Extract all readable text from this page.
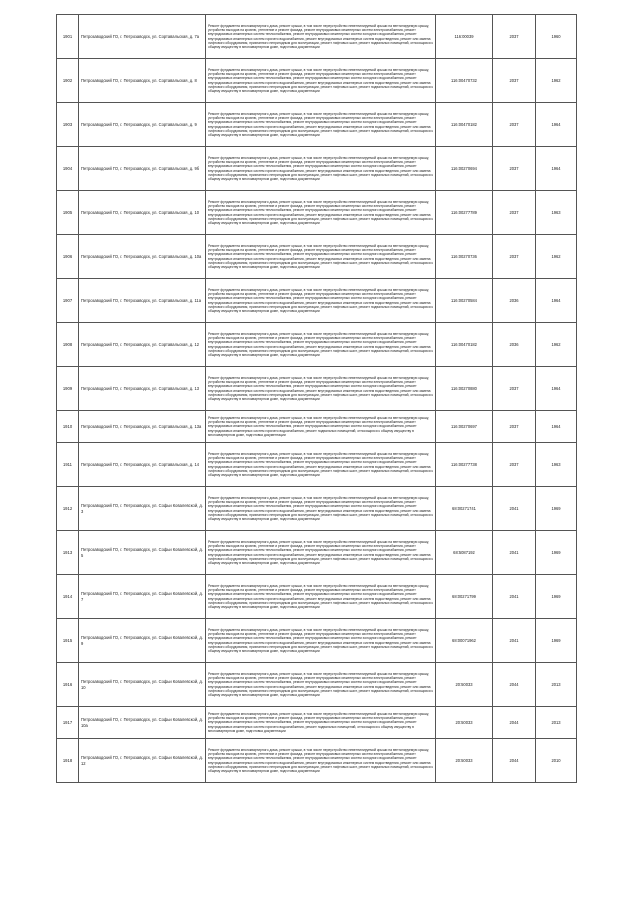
1901	Петрозаводский ГО, г. Петрозаводск, ул. Сортавальская, д. 7а	Ремонт фундамента многоквартирного дома, ремонт крыши, в том числе переустройство невентилируемой крыши на вентилируемую крышу, устройство выходов на кровлю, утепление и ремонт фасада, ремонт внутридомовых инженерных систем электроснабжения, ремонт внутридомовых инженерных систем теплоснабжения, ремонт внутридомовых инженерных систем холодного водоснабжения, ремонт внутридомовых инженерных систем горячего водоснабжения, ремонт внутридомовых инженерных систем водоотведения, ремонт или замена лифтового оборудования, признанного непригодным для эксплуатации, ремонт лифтовых шахт, ремонт подвальных помещений, относящихся к общему имуществу в многоквартирном доме, подготовка документации	116:00039	2037	1960
1902	Петрозаводский ГО, г. Петрозаводск, ул. Сортавальская, д. 8	Ремонт фундамента многоквартирного дома, ремонт крыши, в том числе переустройство невентилируемой крыши на вентилируемую крышу, устройство выходов на кровлю, утепление и ремонт фасада, ремонт внутридомовых инженерных систем электроснабжения, ремонт внутридомовых инженерных систем теплоснабжения, ремонт внутридомовых инженерных систем холодного водоснабжения, ремонт внутридомовых инженерных систем горячего водоснабжения, ремонт внутридомовых инженерных систем водоотведения, ремонт или замена лифтового оборудования, признанного непригодным для эксплуатации, ремонт лифтовых шахт, ремонт подвальных помещений, относящихся к общему имуществу в многоквартирном доме, подготовка документации	116:00470732	2037	1962
1903	Петрозаводский ГО, г. Петрозаводск, ул. Сортавальская, д. 9	Ремонт фундамента многоквартирного дома, ремонт крыши, в том числе переустройство невентилируемой крыши на вентилируемую крышу, устройство выходов на кровлю, утепление и ремонт фасада, ремонт внутридомовых инженерных систем электроснабжения, ремонт внутридомовых инженерных систем теплоснабжения, ремонт внутридомовых инженерных систем холодного водоснабжения, ремонт внутридомовых инженерных систем горячего водоснабжения, ремонт внутридомовых инженерных систем водоотведения, ремонт или замена лифтового оборудования, признанного непригодным для эксплуатации, ремонт лифтовых шахт, ремонт подвальных помещений, относящихся к общему имуществу в многоквартирном доме, подготовка документации	116:00470182	2037	1964
1904	Петрозаводский ГО, г. Петрозаводск, ул. Сортавальская, д. 9б	Ремонт фундамента многоквартирного дома, ремонт крыши, в том числе переустройство невентилируемой крыши на вентилируемую крышу, устройство выходов на кровлю, утепление и ремонт фасада, ремонт внутридомовых инженерных систем электроснабжения, ремонт внутридомовых инженерных систем теплоснабжения, ремонт внутридомовых инженерных систем холодного водоснабжения, ремонт внутридомовых инженерных систем горячего водоснабжения, ремонт внутридомовых инженерных систем водоотведения, ремонт или замена лифтового оборудования, признанного непригодным для эксплуатации, ремонт лифтовых шахт, ремонт подвальных помещений, относящихся к общему имуществу в многоквартирном доме, подготовка документации	116:00270694	2037	1964
1905	Петрозаводский ГО, г. Петрозаводск, ул. Сортавальская, д. 10	Ремонт фундамента многоквартирного дома, ремонт крыши, в том числе переустройство невентилируемой крыши на вентилируемую крышу, устройство выходов на кровлю, утепление и ремонт фасада, ремонт внутридомовых инженерных систем электроснабжения, ремонт внутридомовых инженерных систем теплоснабжения, ремонт внутридомовых инженерных систем холодного водоснабжения, ремонт внутридомовых инженерных систем горячего водоснабжения, ремонт внутридомовых инженерных систем водоотведения, ремонт или замена лифтового оборудования, признанного непригодным для эксплуатации, ремонт лифтовых шахт, ремонт подвальных помещений, относящихся к общему имуществу в многоквартирном доме, подготовка документации	116:00277789	2037	1963
1906	Петрозаводский ГО, г. Петрозаводск, ул. Сортавальская, д. 10а	Ремонт фундамента многоквартирного дома, ремонт крыши, в том числе переустройство невентилируемой крыши на вентилируемую крышу, устройство выходов на кровлю, утепление и ремонт фасада, ремонт внутридомовых инженерных систем электроснабжения, ремонт внутридомовых инженерных систем теплоснабжения, ремонт внутридомовых инженерных систем холодного водоснабжения, ремонт внутридомовых инженерных систем горячего водоснабжения, ремонт внутридомовых инженерных систем водоотведения, ремонт или замена лифтового оборудования, признанного непригодным для эксплуатации, ремонт лифтовых шахт, ремонт подвальных помещений, относящихся к общему имуществу в многоквартирном доме, подготовка документации	116:00270736	2037	1962
1907	Петрозаводский ГО, г. Петрозаводск, ул. Сортавальская, д. 11а	Ремонт фундамента многоквартирного дома, ремонт крыши, в том числе переустройство невентилируемой крыши на вентилируемую крышу, устройство выходов на кровлю, утепление и ремонт фасада, ремонт внутридомовых инженерных систем электроснабжения, ремонт внутридомовых инженерных систем теплоснабжения, ремонт внутридомовых инженерных систем холодного водоснабжения, ремонт внутридомовых инженерных систем горячего водоснабжения, ремонт внутридомовых инженерных систем водоотведения, ремонт или замена лифтового оборудования, признанного непригодным для эксплуатации, ремонт лифтовых шахт, ремонт подвальных помещений, относящихся к общему имуществу в многоквартирном доме, подготовка документации	116:00270584	2036	1964
1908	Петрозаводский ГО, г. Петрозаводск, ул. Сортавальская, д. 12	Ремонт фундамента многоквартирного дома, ремонт крыши, в том числе переустройство невентилируемой крыши на вентилируемую крышу, устройство выходов на кровлю, утепление и ремонт фасада, ремонт внутридомовых инженерных систем электроснабжения, ремонт внутридомовых инженерных систем теплоснабжения, ремонт внутридомовых инженерных систем холодного водоснабжения, ремонт внутридомовых инженерных систем горячего водоснабжения, ремонт внутридомовых инженерных систем водоотведения, ремонт или замена лифтового оборудования, признанного непригодным для эксплуатации, ремонт лифтовых шахт, ремонт подвальных помещений, относящихся к общему имуществу в многоквартирном доме, подготовка документации	116:00470182	2036	1962
1909	Петрозаводский ГО, г. Петрозаводск, ул. Сортавальская, д. 13	Ремонт фундамента многоквартирного дома, ремонт крыши, в том числе переустройство невентилируемой крыши на вентилируемую крышу, устройство выходов на кровлю, утепление и ремонт фасада, ремонт внутридомовых инженерных систем электроснабжения, ремонт внутридомовых инженерных систем теплоснабжения, ремонт внутридомовых инженерных систем холодного водоснабжения, ремонт внутридомовых инженерных систем горячего водоснабжения, ремонт внутридомовых инженерных систем водоотведения, ремонт или замена лифтового оборудования, признанного непригодным для эксплуатации, ремонт лифтовых шахт, ремонт подвальных помещений, относящихся к общему имуществу в многоквартирном доме, подготовка документации	116:00270880	2037	1964
1910	Петрозаводский ГО, г. Петрозаводск, ул. Сортавальская, д. 13а	Ремонт фундамента многоквартирного дома, ремонт крыши, в том числе переустройство невентилируемой крыши на вентилируемую крышу, устройство выходов на кровлю, утепление и ремонт фасада, ремонт внутридомовых инженерных систем электроснабжения, ремонт внутридомовых инженерных систем теплоснабжения, ремонт внутридомовых инженерных систем холодного водоснабжения, ремонт внутридомовых инженерных систем горячего водоснабжения, ремонт подвальных помещений, относящихся к общему имуществу в многоквартирном доме, подготовка документации	116:00270697	2037	1964
1911	Петрозаводский ГО, г. Петрозаводск, ул. Сортавальская, д. 14	Ремонт фундамента многоквартирного дома, ремонт крыши, в том числе переустройство невентилируемой крыши на вентилируемую крышу, устройство выходов на кровлю, утепление и ремонт фасада, ремонт внутридомовых инженерных систем электроснабжения, ремонт внутридомовых инженерных систем теплоснабжения, ремонт внутридомовых инженерных систем холодного водоснабжения, ремонт внутридомовых инженерных систем горячего водоснабжения, ремонт внутридомовых инженерных систем водоотведения, ремонт или замена лифтового оборудования, признанного непригодным для эксплуатации, ремонт лифтовых шахт, ремонт подвальных помещений, относящихся к общему имуществу в многоквартирном доме, подготовка документации	116:00277738	2037	1963
1912	Петрозаводский ГО, г. Петрозаводск, ул. Софьи Ковалевской, д. 3	Ремонт фундамента многоквартирного дома, ремонт крыши, в том числе переустройство невентилируемой крыши на вентилируемую крышу, устройство выходов на кровлю, утепление и ремонт фасада, ремонт внутридомовых инженерных систем электроснабжения, ремонт внутридомовых инженерных систем теплоснабжения, ремонт внутридомовых инженерных систем холодного водоснабжения, ремонт внутридомовых инженерных систем горячего водоснабжения, ремонт внутридомовых инженерных систем водоотведения, ремонт или замена лифтового оборудования, признанного непригодным для эксплуатации, ремонт лифтовых шахт, ремонт подвальных помещений, относящихся к общему имуществу в многоквартирном доме, подготовка документации	68:00271741	2041	1969
1913	Петрозаводский ГО, г. Петрозаводск, ул. Софьи Ковалевской, д. 5	Ремонт фундамента многоквартирного дома, ремонт крыши, в том числе переустройство невентилируемой крыши на вентилируемую крышу, устройство выходов на кровлю, утепление и ремонт фасада, ремонт внутридомовых инженерных систем электроснабжения, ремонт внутридомовых инженерных систем теплоснабжения, ремонт внутридомовых инженерных систем холодного водоснабжения, ремонт внутридомовых инженерных систем горячего водоснабжения, ремонт внутридомовых инженерных систем водоотведения, ремонт или замена лифтового оборудования, признанного непригодным для эксплуатации, ремонт лифтовых шахт, ремонт подвальных помещений, относящихся к общему имуществу в многоквартирном доме, подготовка документации	68:5087192	2041	1969
1914	Петрозаводский ГО, г. Петрозаводск, ул. Софьи Ковалевской, д. 7	Ремонт фундамента многоквартирного дома, ремонт крыши, в том числе переустройство невентилируемой крыши на вентилируемую крышу, устройство выходов на кровлю, утепление и ремонт фасада, ремонт внутридомовых инженерных систем электроснабжения, ремонт внутридомовых инженерных систем теплоснабжения, ремонт внутридомовых инженерных систем холодного водоснабжения, ремонт внутридомовых инженерных систем горячего водоснабжения, ремонт внутридомовых инженерных систем водоотведения, ремонт или замена лифтового оборудования, признанного непригодным для эксплуатации, ремонт лифтовых шахт, ремонт подвальных помещений, относящихся к общему имуществу в многоквартирном доме, подготовка документации	68:00271799	2041	1969
1915	Петрозаводский ГО, г. Петрозаводск, ул. Софьи Ковалевской, д. 9	Ремонт фундамента многоквартирного дома, ремонт крыши, в том числе переустройство невентилируемой крыши на вентилируемую крышу, устройство выходов на кровлю, утепление и ремонт фасада, ремонт внутридомовых инженерных систем электроснабжения, ремонт внутридомовых инженерных систем теплоснабжения, ремонт внутридомовых инженерных систем холодного водоснабжения, ремонт внутридомовых инженерных систем горячего водоснабжения, ремонт внутридомовых инженерных систем водоотведения, ремонт или замена лифтового оборудования, признанного непригодным для эксплуатации, ремонт лифтовых шахт, ремонт подвальных помещений, относящихся к общему имуществу в многоквартирном доме, подготовка документации	68:00071962	2041	1969
1916	Петрозаводский ГО, г. Петрозаводск, ул. Софьи Ковалевской, д. 10	Ремонт фундамента многоквартирного дома, ремонт крыши, в том числе переустройство невентилируемой крыши на вентилируемую крышу, устройство выходов на кровлю, утепление и ремонт фасада, ремонт внутридомовых инженерных систем электроснабжения, ремонт внутридомовых инженерных систем теплоснабжения, ремонт внутридомовых инженерных систем холодного водоснабжения, ремонт внутридомовых инженерных систем горячего водоснабжения, ремонт внутридомовых инженерных систем водоотведения, ремонт или замена лифтового оборудования, признанного непригодным для эксплуатации, ремонт лифтовых шахт, ремонт подвальных помещений, относящихся к общему имуществу в многоквартирном доме, подготовка документации	20:50033	2044	2013
1917	Петрозаводский ГО, г. Петрозаводск, ул. Софьи Ковалевской, д. 10а	Ремонт фундамента многоквартирного дома, ремонт крыши, в том числе переустройство невентилируемой крыши на вентилируемую крышу, устройство выходов на кровлю, утепление и ремонт фасада, ремонт внутридомовых инженерных систем электроснабжения, ремонт внутридомовых инженерных систем теплоснабжения, ремонт внутридомовых инженерных систем холодного водоснабжения, ремонт внутридомовых инженерных систем горячего водоснабжения, ремонт подвальных помещений, относящихся к общему имуществу в многоквартирном доме, подготовка документации	20:50033	2044	2013
1918	Петрозаводский ГО, г. Петрозаводск, ул. Софьи Ковалевской, д. 12	Ремонт фундамента многоквартирного дома, ремонт крыши, в том числе переустройство невентилируемой крыши на вентилируемую крышу, устройство выходов на кровлю, утепление и ремонт фасада, ремонт внутридомовых инженерных систем электроснабжения, ремонт внутридомовых инженерных систем теплоснабжения, ремонт внутридомовых инженерных систем холодного водоснабжения, ремонт внутридомовых инженерных систем горячего водоснабжения, ремонт внутридомовых инженерных систем водоотведения, ремонт или замена лифтового оборудования, признанного непригодным для эксплуатации, ремонт лифтовых шахт, ремонт подвальных помещений, относящихся к общему имуществу в многоквартирном доме, подготовка документации	20:50033	2044	2010
